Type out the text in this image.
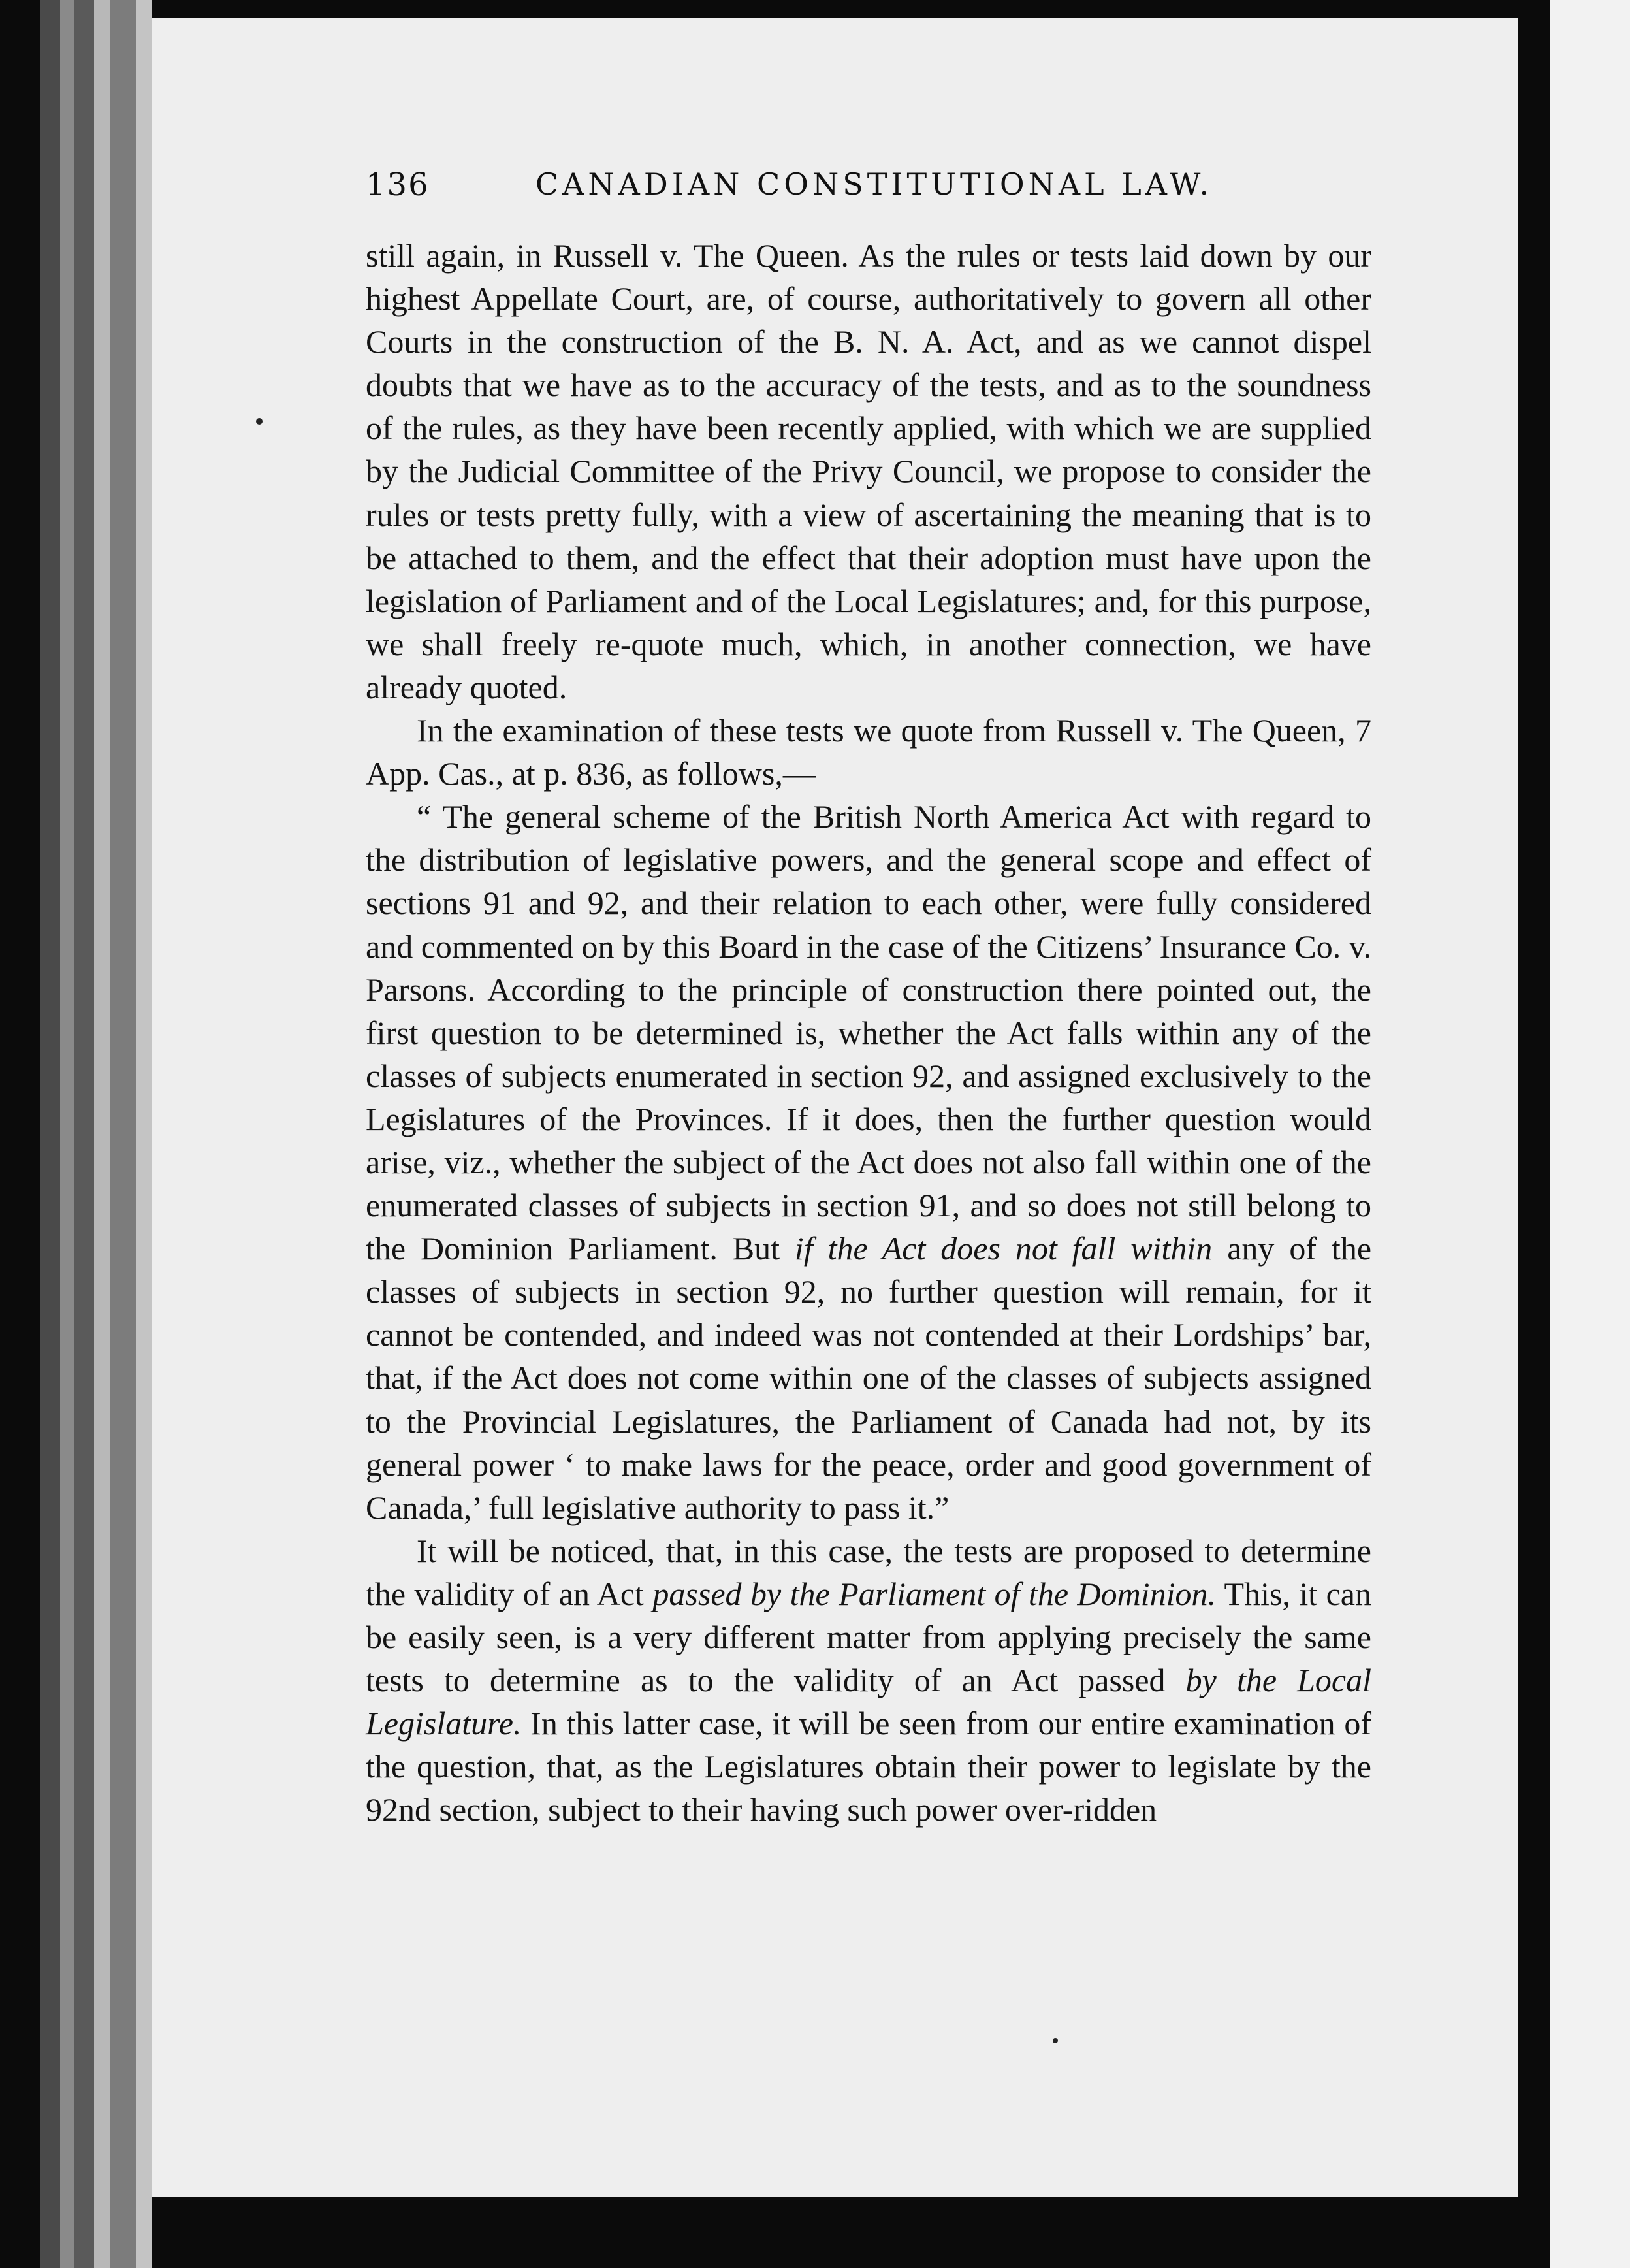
136	CANADIAN CONSTITUTIONAL LAW.

still again, in Russell v. The Queen. As the rules or tests laid down by our highest Appellate Court, are, of course, authoritatively to govern all other Courts in the construction of the B. N. A. Act, and as we cannot dispel doubts that we have as to the accuracy of the tests, and as to the soundness of the rules, as they have been recently applied, with which we are supplied by the Judicial Committee of the Privy Council, we propose to consider the rules or tests pretty fully, with a view of ascertaining the meaning that is to be attached to them, and the effect that their adoption must have upon the legislation of Parliament and of the Local Legislatures; and, for this purpose, we shall freely re-quote much, which, in another connection, we have already quoted.

In the examination of these tests we quote from Russell v. The Queen, 7 App. Cas., at p. 836, as follows,—

“ The general scheme of the British North America Act with regard to the distribution of legislative powers, and the general scope and effect of sections 91 and 92, and their relation to each other, were fully considered and commented on by this Board in the case of the Citizens’ Insurance Co. v. Parsons. According to the principle of construction there pointed out, the first question to be determined is, whether the Act falls within any of the classes of subjects enumerated in section 92, and assigned exclusively to the Legislatures of the Provinces. If it does, then the further question would arise, viz., whether the subject of the Act does not also fall within one of the enumerated classes of subjects in section 91, and so does not still belong to the Dominion Parliament. But if the Act does not fall within any of the classes of subjects in section 92, no further question will remain, for it cannot be contended, and indeed was not contended at their Lordships’ bar, that, if the Act does not come within one of the classes of subjects assigned to the Provincial Legislatures, the Parliament of Canada had not, by its general power ‘ to make laws for the peace, order and good government of Canada,’ full legislative authority to pass it.”

It will be noticed, that, in this case, the tests are proposed to determine the validity of an Act passed by the Parliament of the Dominion. This, it can be easily seen, is a very different matter from applying precisely the same tests to determine as to the validity of an Act passed by the Local Legislature. In this latter case, it will be seen from our entire examination of the question, that, as the Legislatures obtain their power to legislate by the 92nd section, subject to their having such power over-ridden
